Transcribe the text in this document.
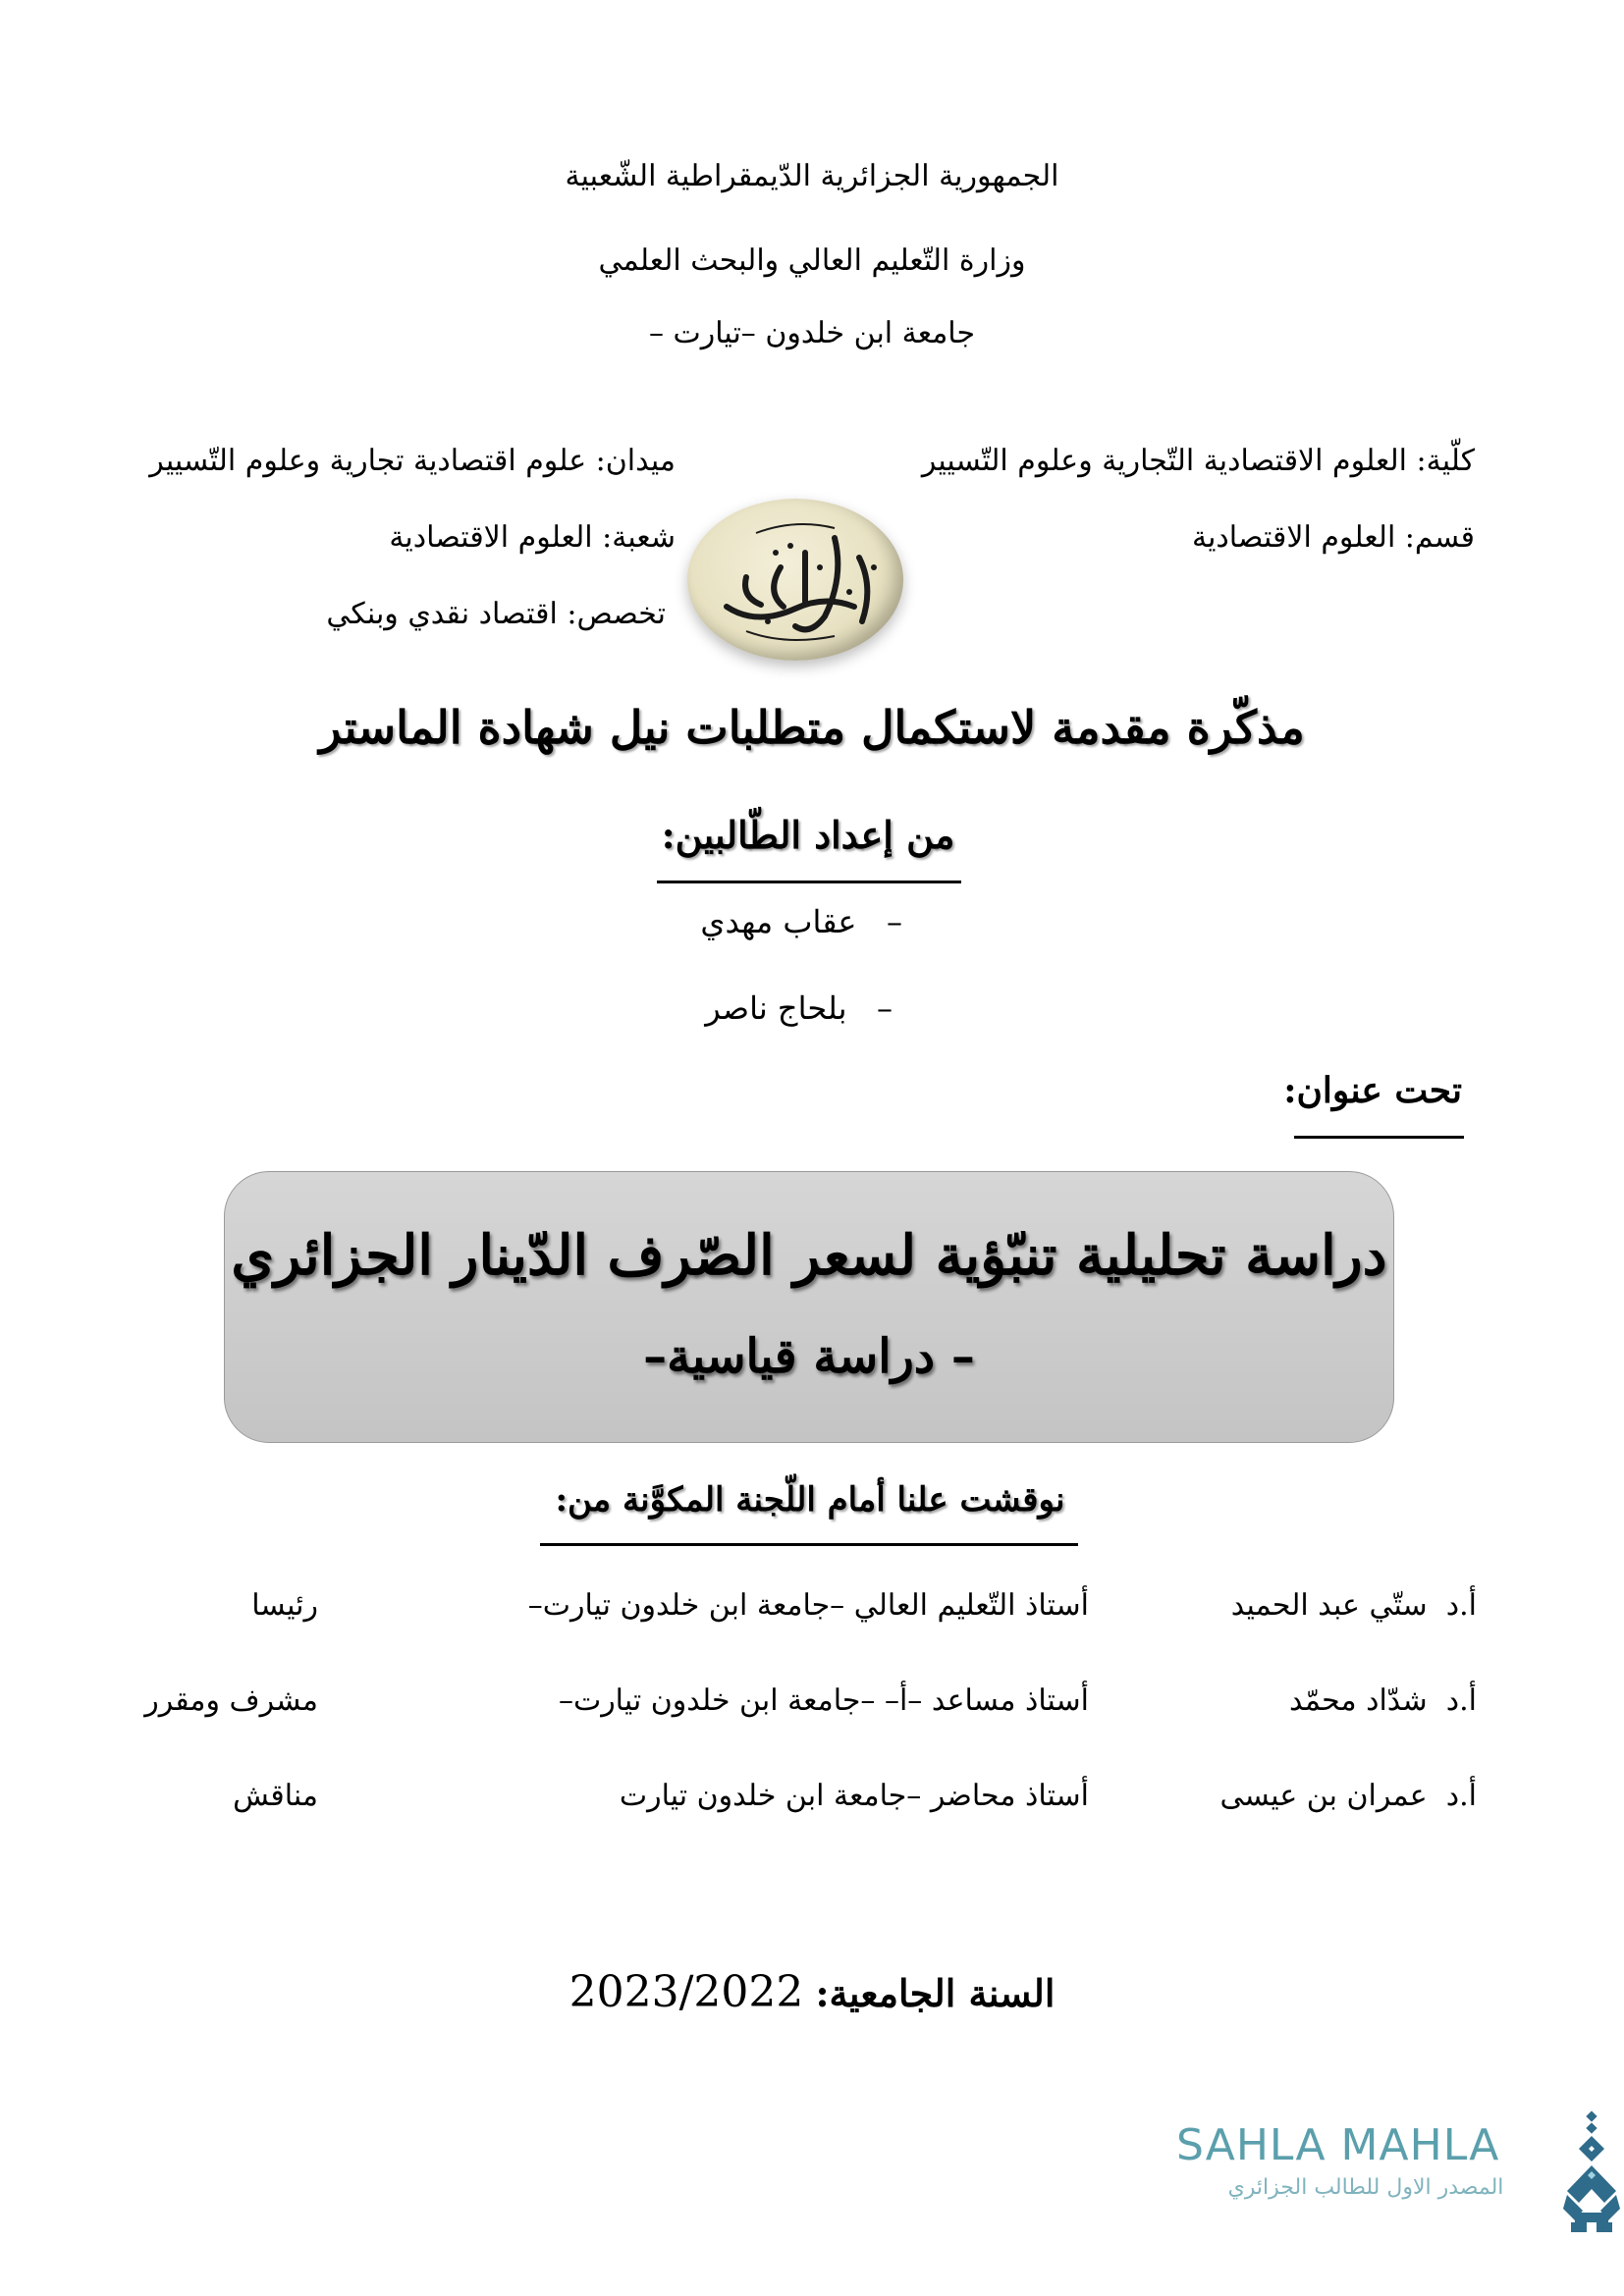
الجمهورية الجزائرية الدّيمقراطية الشّعبية
وزارة التّعليم العالي والبحث العلمي
جامعة ابن خلدون –تيارت –
كلّية: العلوم الاقتصادية التّجارية وعلوم التّسيير
قسم: العلوم الاقتصادية
ميدان: علوم اقتصادية تجارية وعلوم التّسيير
شعبة: العلوم الاقتصادية
تخصص: اقتصاد نقدي وبنكي
مذكّرة مقدمة لاستكمال متطلبات نيل شهادة الماستر
من إعداد الطّالبين:
–   عقاب مهدي
–   بلحاج ناصر
تحت عنوان:
دراسة تحليلية تنبّؤية لسعر الصّرف الدّينار الجزائري
– دراسة قياسية–
نوقشت علنا أمام اللّجنة المكوَّنة من:
أ.د  ستّي عبد الحميد
أستاذ التّعليم العالي –جامعة ابن خلدون تيارت–
رئيسا
أ.د  شدّاد محمّد
أستاذ مساعد –أ– –جامعة ابن خلدون تيارت–
مشرف ومقرر
أ.د  عمران بن عيسى
أستاذ محاضر –جامعة ابن خلدون تيارت
مناقش
السنة الجامعية: 2023/2022
SAHLA MAHLA
المصدر الاول للطالب الجزائري
